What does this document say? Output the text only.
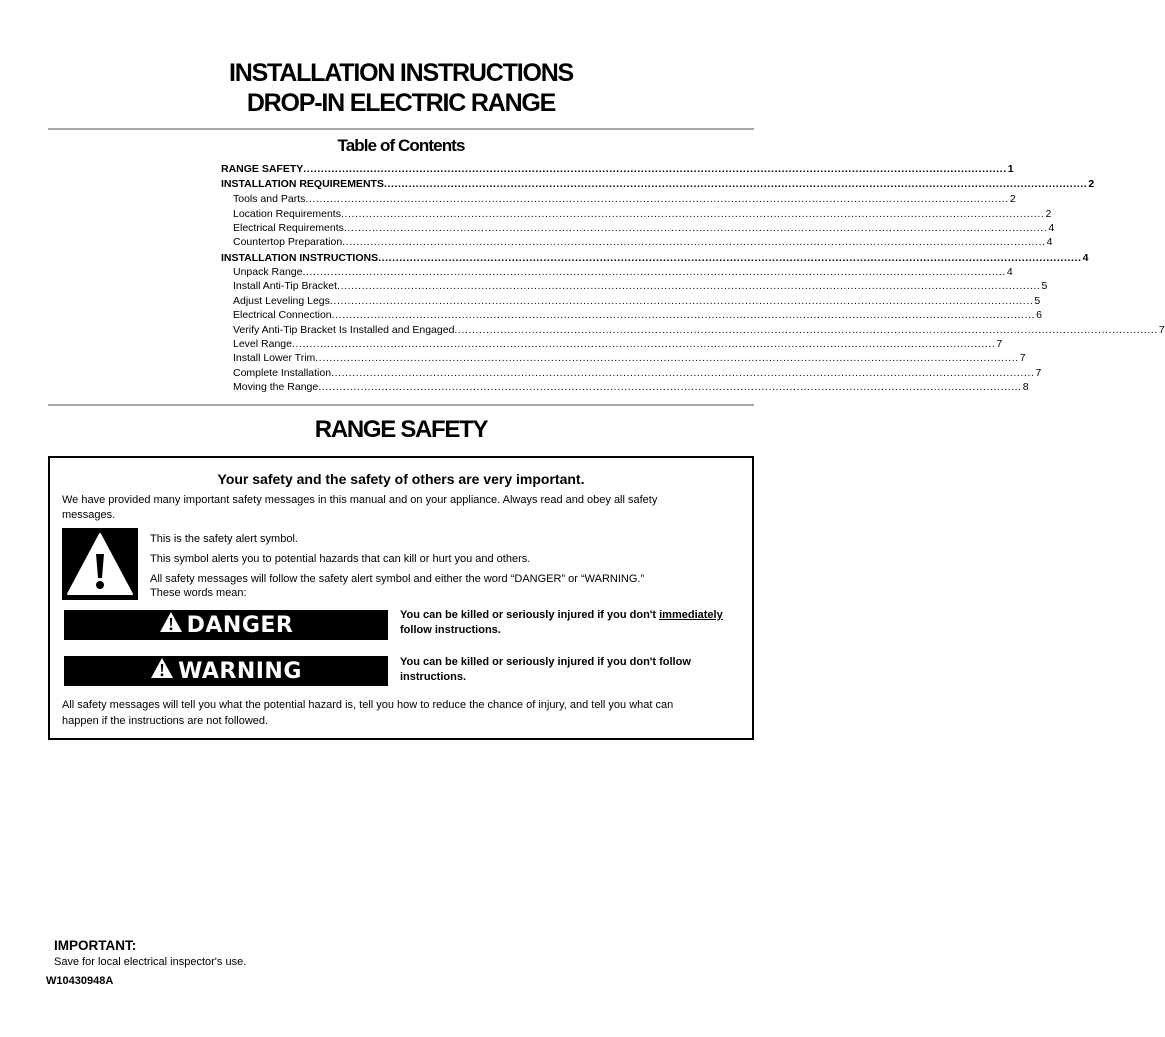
INSTALLATION INSTRUCTIONS
DROP-IN ELECTRIC RANGE
Table of Contents
RANGE SAFETY ........................................................................................................................................................................................................ 1
INSTALLATION REQUIREMENTS ........................................................................................................................................................................................................ 2
Tools and Parts ........................................................................................................................................................................................................ 2
Location Requirements ........................................................................................................................................................................................................ 2
Electrical Requirements ........................................................................................................................................................................................................ 4
Countertop Preparation ........................................................................................................................................................................................................ 4
INSTALLATION INSTRUCTIONS ........................................................................................................................................................................................................ 4
Unpack Range ........................................................................................................................................................................................................ 4
Install Anti-Tip Bracket ........................................................................................................................................................................................................ 5
Adjust Leveling Legs ........................................................................................................................................................................................................ 5
Electrical Connection ........................................................................................................................................................................................................ 6
Verify Anti-Tip Bracket Is Installed and Engaged ........................................................................................................................................................................................................ 7
Level Range ........................................................................................................................................................................................................ 7
Install Lower Trim ........................................................................................................................................................................................................ 7
Complete Installation ........................................................................................................................................................................................................ 7
Moving the Range ........................................................................................................................................................................................................ 8
RANGE SAFETY
Your safety and the safety of others are very important.
We have provided many important safety messages in this manual and on your appliance. Always read and obey all safety
messages.
This is the safety alert symbol.
This symbol alerts you to potential hazards that can kill or hurt you and others.
All safety messages will follow the safety alert symbol and either the word “DANGER” or “WARNING.”
These words mean:
DANGER	You can be killed or seriously injured if you don't immediately
follow instructions.
WARNING	You can be killed or seriously injured if you don't follow
instructions.
All safety messages will tell you what the potential hazard is, tell you how to reduce the chance of injury, and tell you what can
happen if the instructions are not followed.
IMPORTANT:
Save for local electrical inspector's use.
W10430948A
